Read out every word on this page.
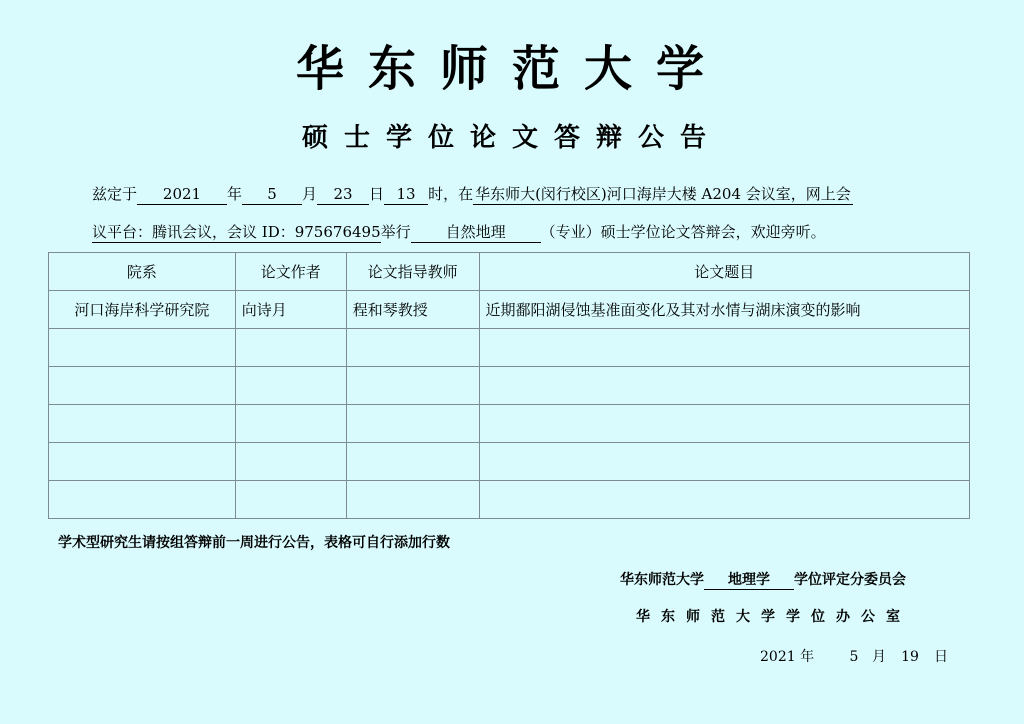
华东师范大学
硕士学位论文答辩公告
兹定于 2021 年 5 月 23 日 13 时，在 华东师大(闵行校区)河口海岸大楼 A204 会议室，网上会
议平台：腾讯会议，会议 ID：975676495举行 自然地理 （专业）硕士学位论文答辩会，欢迎旁听。
院系	论文作者	论文指导教师	论文题目
河口海岸科学研究院	向诗月	程和琴教授	近期鄱阳湖侵蚀基准面变化及其对水情与湖床演变的影响

学术型研究生请按组答辩前一周进行公告，表格可自行添加行数
华东师范大学 地理学 学位评定分委员会
华东师范大学学位办公室
2021 年	5 月 19 日
